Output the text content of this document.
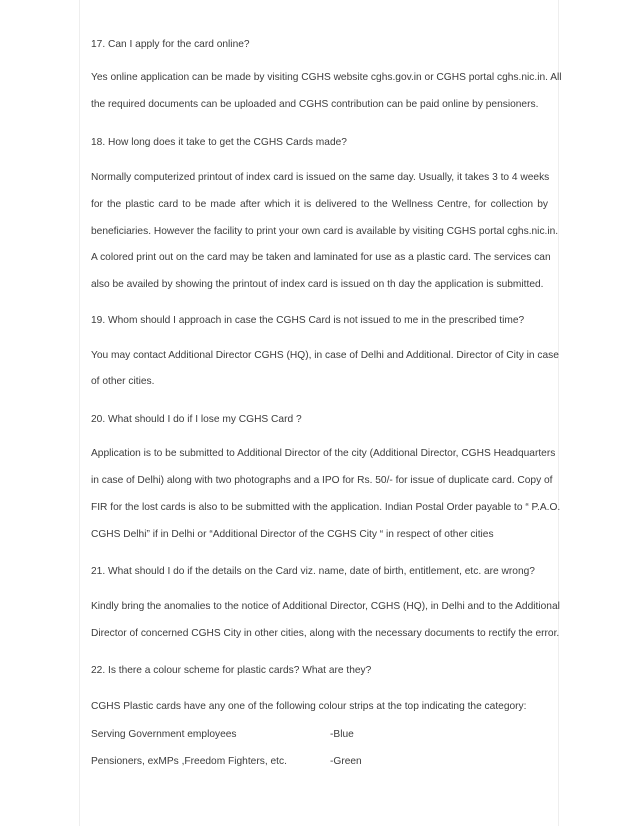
17. Can I apply for the card online?
Yes online application can be made by visiting CGHS website cghs.gov.in or CGHS portal cghs.nic.in. All
the required documents can be uploaded and CGHS contribution can be paid online by pensioners.
18. How long does it take to get the CGHS Cards made?
Normally computerized printout of index card is issued on the same day. Usually, it takes 3 to 4 weeks
for the plastic card to be made after which it is delivered to the Wellness Centre, for collection by
beneficiaries. However the facility to print your own card is available by visiting CGHS portal cghs.nic.in.
A colored print out on the card may be taken and laminated for use as a plastic card. The services can
also be availed by showing the printout of index card is issued on th day the application is submitted.
19. Whom should I approach in case the CGHS Card is not issued to me in the prescribed time?
You may contact Additional Director CGHS (HQ), in case of Delhi and Additional. Director of City in case
of other cities.
20. What should I do if I lose my CGHS Card ?
Application is to be submitted to Additional Director of the city (Additional Director, CGHS Headquarters
in case of Delhi) along with two photographs and a IPO for Rs. 50/- for issue of duplicate card. Copy of
FIR for the lost cards is also to be submitted with the application. Indian Postal Order payable to “ P.A.O.
CGHS Delhi” if in Delhi or “Additional Director of the CGHS City “ in respect of other cities
21. What should I do if the details on the Card viz. name, date of birth, entitlement, etc. are wrong?
Kindly bring the anomalies to the notice of Additional Director, CGHS (HQ), in Delhi and to the Additional
Director of concerned CGHS City in other cities, along with the necessary documents to rectify the error.
22. Is there a colour scheme for plastic cards? What are they?
CGHS Plastic cards have any one of the following colour strips at the top indicating the category:
Serving Government employees	-Blue
Pensioners, exMPs ,Freedom Fighters, etc.	-Green
